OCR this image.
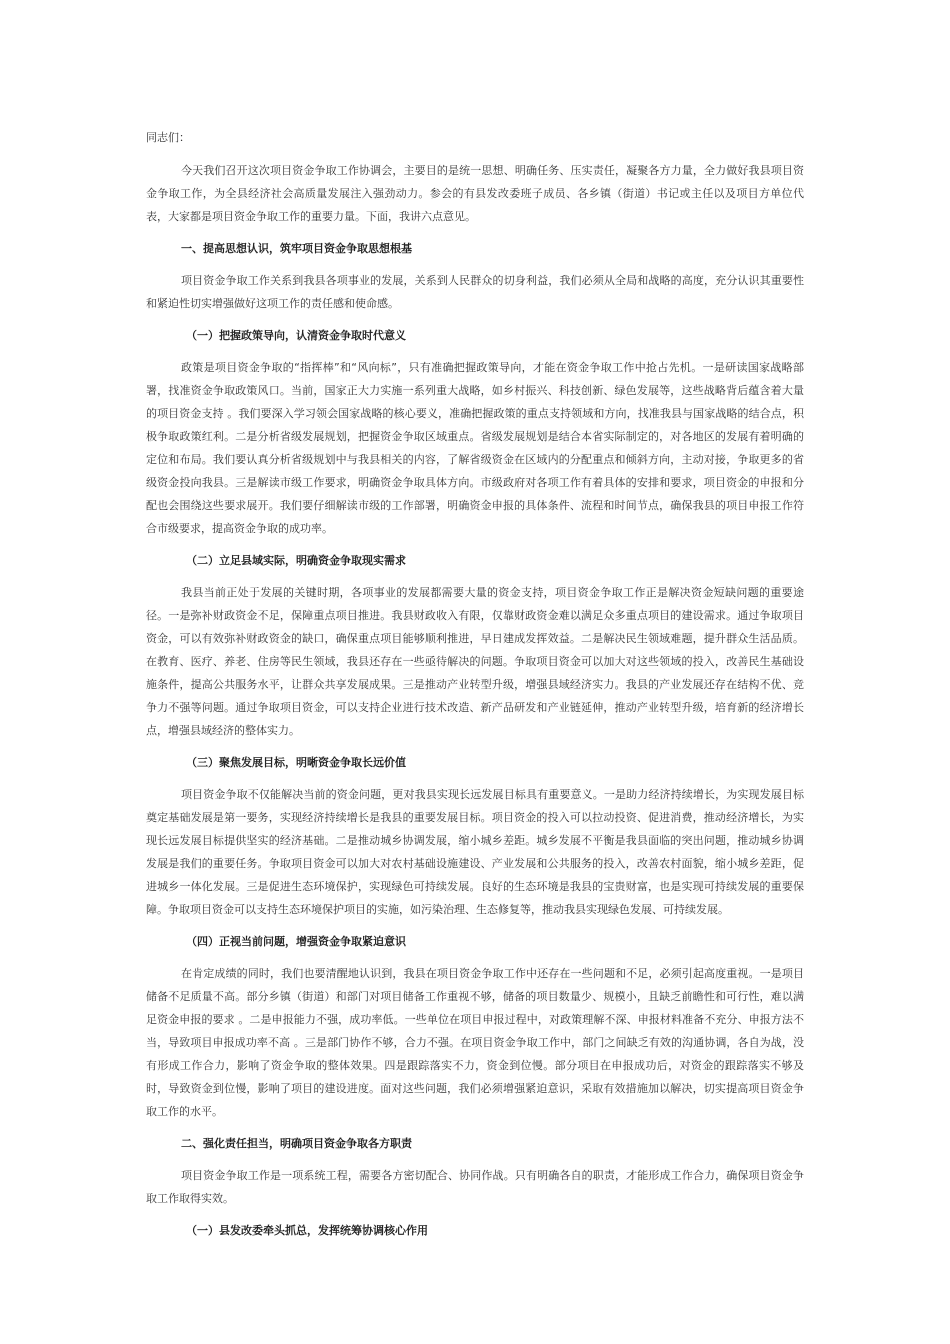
同志们：

今天我们召开这次项目资金争取工作协调会，主要目的是统一思想、明确任务、压实责任，凝聚各方力量，全力做好我县项目资金争取工作，为全县经济社会高质量发展注入强劲动力。参会的有县发改委班子成员、各乡镇（街道）书记或主任以及项目方单位代表，大家都是项目资金争取工作的重要力量。下面，我讲六点意见。

一、提高思想认识，筑牢项目资金争取思想根基

项目资金争取工作关系到我县各项事业的发展，关系到人民群众的切身利益，我们必须从全局和战略的高度，充分认识其重要性和紧迫性切实增强做好这项工作的责任感和使命感。

（一）把握政策导向，认清资金争取时代意义

政策是项目资金争取的“指挥棒”和“风向标”，只有准确把握政策导向，才能在资金争取工作中抢占先机。一是研读国家战略部署，找准资金争取政策风口。当前，国家正大力实施一系列重大战略，如乡村振兴、科技创新、绿色发展等，这些战略背后蕴含着大量的项目资金支持 。我们要深入学习领会国家战略的核心要义，准确把握政策的重点支持领域和方向，找准我县与国家战略的结合点，积极争取政策红利。二是分析省级发展规划，把握资金争取区域重点。省级发展规划是结合本省实际制定的，对各地区的发展有着明确的定位和布局。我们要认真分析省级规划中与我县相关的内容，了解省级资金在区域内的分配重点和倾斜方向，主动对接，争取更多的省级资金投向我县。三是解读市级工作要求，明确资金争取具体方向。市级政府对各项工作有着具体的安排和要求，项目资金的申报和分配也会围绕这些要求展开。我们要仔细解读市级的工作部署，明确资金申报的具体条件、流程和时间节点，确保我县的项目申报工作符合市级要求，提高资金争取的成功率。

（二）立足县域实际，明确资金争取现实需求

我县当前正处于发展的关键时期，各项事业的发展都需要大量的资金支持，项目资金争取工作正是解决资金短缺问题的重要途径。一是弥补财政资金不足，保障重点项目推进。我县财政收入有限，仅靠财政资金难以满足众多重点项目的建设需求。通过争取项目资金，可以有效弥补财政资金的缺口，确保重点项目能够顺利推进，早日建成发挥效益。二是解决民生领域难题，提升群众生活品质。在教育、医疗、养老、住房等民生领域，我县还存在一些亟待解决的问题。争取项目资金可以加大对这些领域的投入，改善民生基础设施条件，提高公共服务水平，让群众共享发展成果。三是推动产业转型升级，增强县域经济实力。我县的产业发展还存在结构不优、竞争力不强等问题。通过争取项目资金，可以支持企业进行技术改造、新产品研发和产业链延伸，推动产业转型升级，培育新的经济增长点，增强县域经济的整体实力。

（三）聚焦发展目标，明晰资金争取长远价值

项目资金争取不仅能解决当前的资金问题，更对我县实现长远发展目标具有重要意义。一是助力经济持续增长，为实现发展目标奠定基础发展是第一要务，实现经济持续增长是我县的重要发展目标。项目资金的投入可以拉动投资、促进消费，推动经济增长，为实现长远发展目标提供坚实的经济基础。二是推动城乡协调发展，缩小城乡差距。城乡发展不平衡是我县面临的突出问题，推动城乡协调发展是我们的重要任务。争取项目资金可以加大对农村基础设施建设、产业发展和公共服务的投入，改善农村面貌，缩小城乡差距，促进城乡一体化发展。三是促进生态环境保护，实现绿色可持续发展。良好的生态环境是我县的宝贵财富，也是实现可持续发展的重要保障。争取项目资金可以支持生态环境保护项目的实施，如污染治理、生态修复等，推动我县实现绿色发展、可持续发展。

（四）正视当前问题，增强资金争取紧迫意识

在肯定成绩的同时，我们也要清醒地认识到，我县在项目资金争取工作中还存在一些问题和不足，必须引起高度重视。一是项目储备不足质量不高。部分乡镇（街道）和部门对项目储备工作重视不够，储备的项目数量少、规模小，且缺乏前瞻性和可行性，难以满足资金申报的要求 。二是申报能力不强，成功率低。一些单位在项目申报过程中，对政策理解不深、申报材料准备不充分、申报方法不当，导致项目申报成功率不高 。三是部门协作不够，合力不强。在项目资金争取工作中，部门之间缺乏有效的沟通协调，各自为战，没有形成工作合力，影响了资金争取的整体效果。四是跟踪落实不力，资金到位慢。部分项目在申报成功后，对资金的跟踪落实不够及时，导致资金到位慢，影响了项目的建设进度。面对这些问题，我们必须增强紧迫意识，采取有效措施加以解决，切实提高项目资金争取工作的水平。

二、强化责任担当，明确项目资金争取各方职责

项目资金争取工作是一项系统工程，需要各方密切配合、协同作战。只有明确各自的职责，才能形成工作合力，确保项目资金争取工作取得实效。

（一）县发改委牵头抓总，发挥统筹协调核心作用
